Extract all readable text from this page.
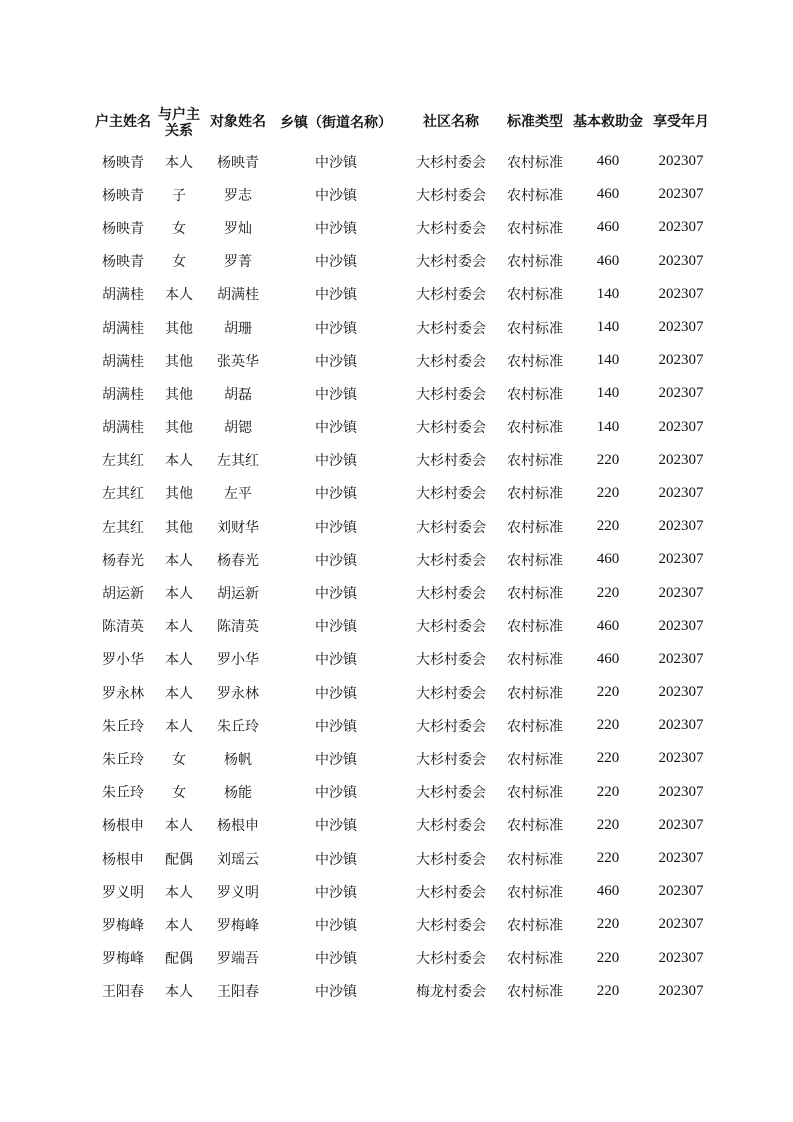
户主姓名	与户主关系	对象姓名	乡镇（街道名称）	社区名称	标准类型	基本救助金	享受年月
杨映青	本人	杨映青	中沙镇	大杉村委会	农村标准	460	202307
杨映青	子	罗志	中沙镇	大杉村委会	农村标准	460	202307
杨映青	女	罗灿	中沙镇	大杉村委会	农村标准	460	202307
杨映青	女	罗菁	中沙镇	大杉村委会	农村标准	460	202307
胡满桂	本人	胡满桂	中沙镇	大杉村委会	农村标准	140	202307
胡满桂	其他	胡珊	中沙镇	大杉村委会	农村标准	140	202307
胡满桂	其他	张英华	中沙镇	大杉村委会	农村标准	140	202307
胡满桂	其他	胡磊	中沙镇	大杉村委会	农村标准	140	202307
胡满桂	其他	胡锶	中沙镇	大杉村委会	农村标准	140	202307
左其红	本人	左其红	中沙镇	大杉村委会	农村标准	220	202307
左其红	其他	左平	中沙镇	大杉村委会	农村标准	220	202307
左其红	其他	刘财华	中沙镇	大杉村委会	农村标准	220	202307
杨春光	本人	杨春光	中沙镇	大杉村委会	农村标准	460	202307
胡运新	本人	胡运新	中沙镇	大杉村委会	农村标准	220	202307
陈清英	本人	陈清英	中沙镇	大杉村委会	农村标准	460	202307
罗小华	本人	罗小华	中沙镇	大杉村委会	农村标准	460	202307
罗永林	本人	罗永林	中沙镇	大杉村委会	农村标准	220	202307
朱丘玲	本人	朱丘玲	中沙镇	大杉村委会	农村标准	220	202307
朱丘玲	女	杨帆	中沙镇	大杉村委会	农村标准	220	202307
朱丘玲	女	杨能	中沙镇	大杉村委会	农村标准	220	202307
杨根申	本人	杨根申	中沙镇	大杉村委会	农村标准	220	202307
杨根申	配偶	刘瑶云	中沙镇	大杉村委会	农村标准	220	202307
罗义明	本人	罗义明	中沙镇	大杉村委会	农村标准	460	202307
罗梅峰	本人	罗梅峰	中沙镇	大杉村委会	农村标准	220	202307
罗梅峰	配偶	罗端吾	中沙镇	大杉村委会	农村标准	220	202307
王阳春	本人	王阳春	中沙镇	梅龙村委会	农村标准	220	202307
